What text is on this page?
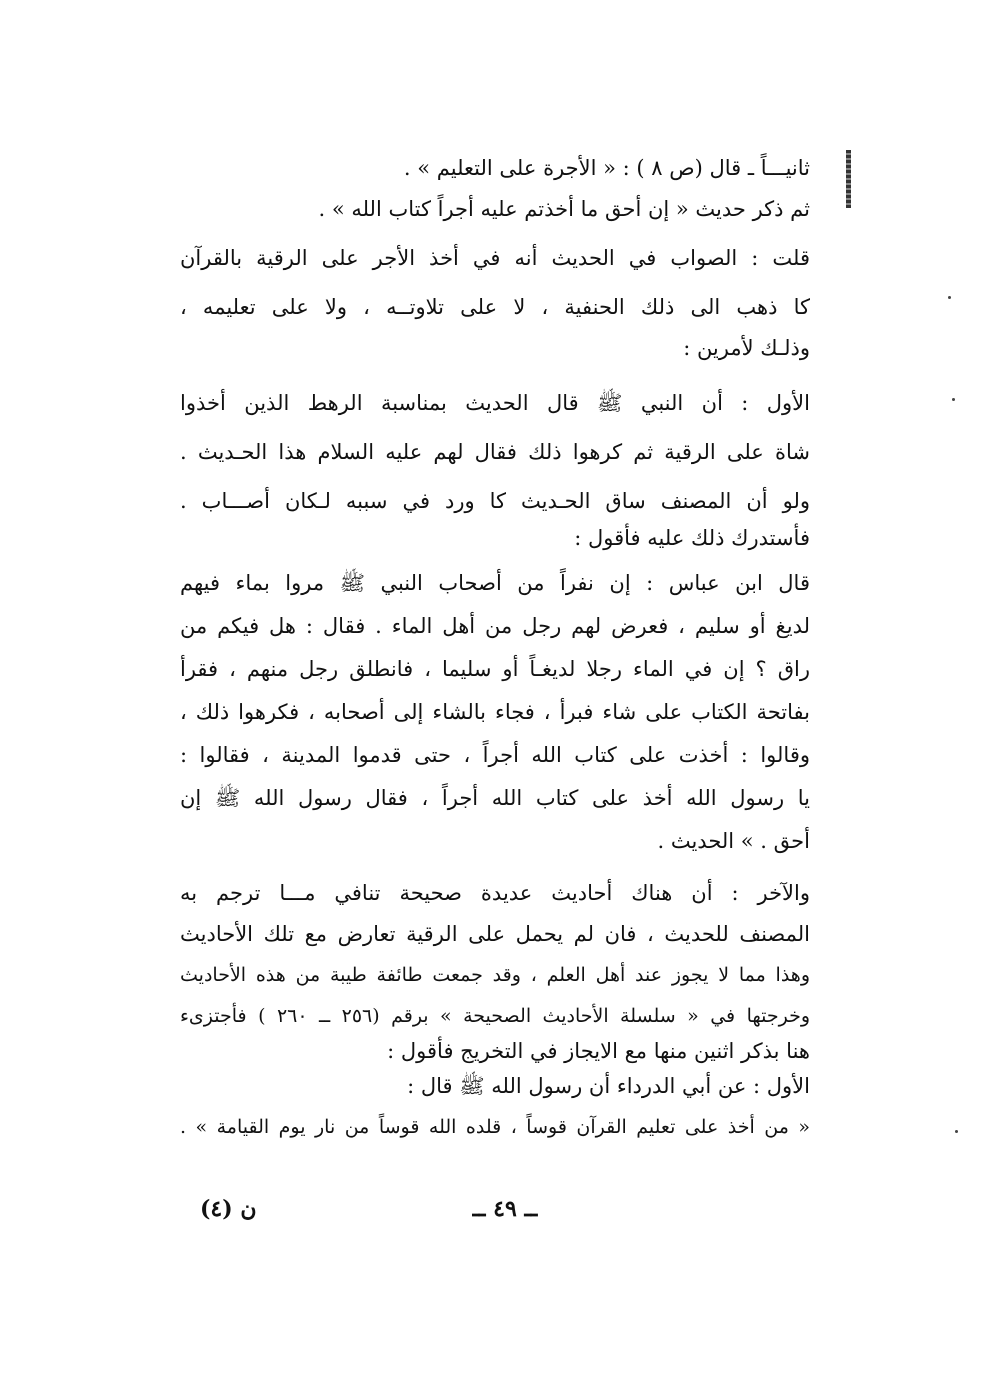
ثانيـــاً ـ قال (ص ٨ ) : « الأجرة على التعليم » .
ثم ذكر حديث « إن أحق ما أخذتم عليه أجراً كتاب الله » .
قلت : الصواب في الحديث أنه في أخذ الأجر على الرقية بالقرآن
كا ذهب الى ذلك الحنفية ، لا على تلاوتــه ، ولا على تعليمه ،
وذلـك لأمرين :
الأول : أن النبي ﷺ قال الحديث بمناسبة الرهط الذين أخذوا
شاة على الرقية ثم كرهوا ذلك فقال لهم عليه السلام هذا الحـديث .
ولو أن المصنف ساق الحـديث كا ورد في سببه لـكان أصـــاب .
فأستدرك ذلك عليه فأقول :
قال ابن عباس : إن نفراً من أصحاب النبي ﷺ مروا بماء فيهم
لديغ أو سليم ، فعرض لهم رجل من أهل الماء . فقال : هل فيكم من
راق ؟ إن في الماء رجلا لديغـاً أو سليما ، فانطلق رجل منهم ، فقرأ
بفاتحة الكتاب على شاء فبرأ ، فجاء بالشاء إلى أصحابه ، فكرهوا ذلك ،
وقالوا : أخذت على كتاب الله أجراً ، حتى قدموا المدينة ، فقالوا :
يا رسول الله أخذ على كتاب الله أجراً ، فقال رسول الله ﷺ إن
أحق . » الحديث .
والآخر : أن هناك أحاديث عديدة صحيحة تنافي مـــا ترجم به
المصنف للحديث ، فان لم يحمل على الرقية تعارض مع تلك الأحاديث
وهذا مما لا يجوز عند أهل العلم ، وقد جمعت طائفة طيبة من هذه الأحاديث
وخرجتها في « سلسلة الأحاديث الصحيحة » برقم (٢٥٦ ــ ٢٦٠ ) فأجتزىء
هنا بذكر اثنين منها مع الايجاز في التخريج فأقول :
الأول : عن أبي الدرداء أن رسول الله ﷺ قال :
« من أخذ على تعليم القرآن قوساً ، قلده الله قوساً من نار يوم القيامة » .
ــ ٤٩ ــ
ن (٤)
